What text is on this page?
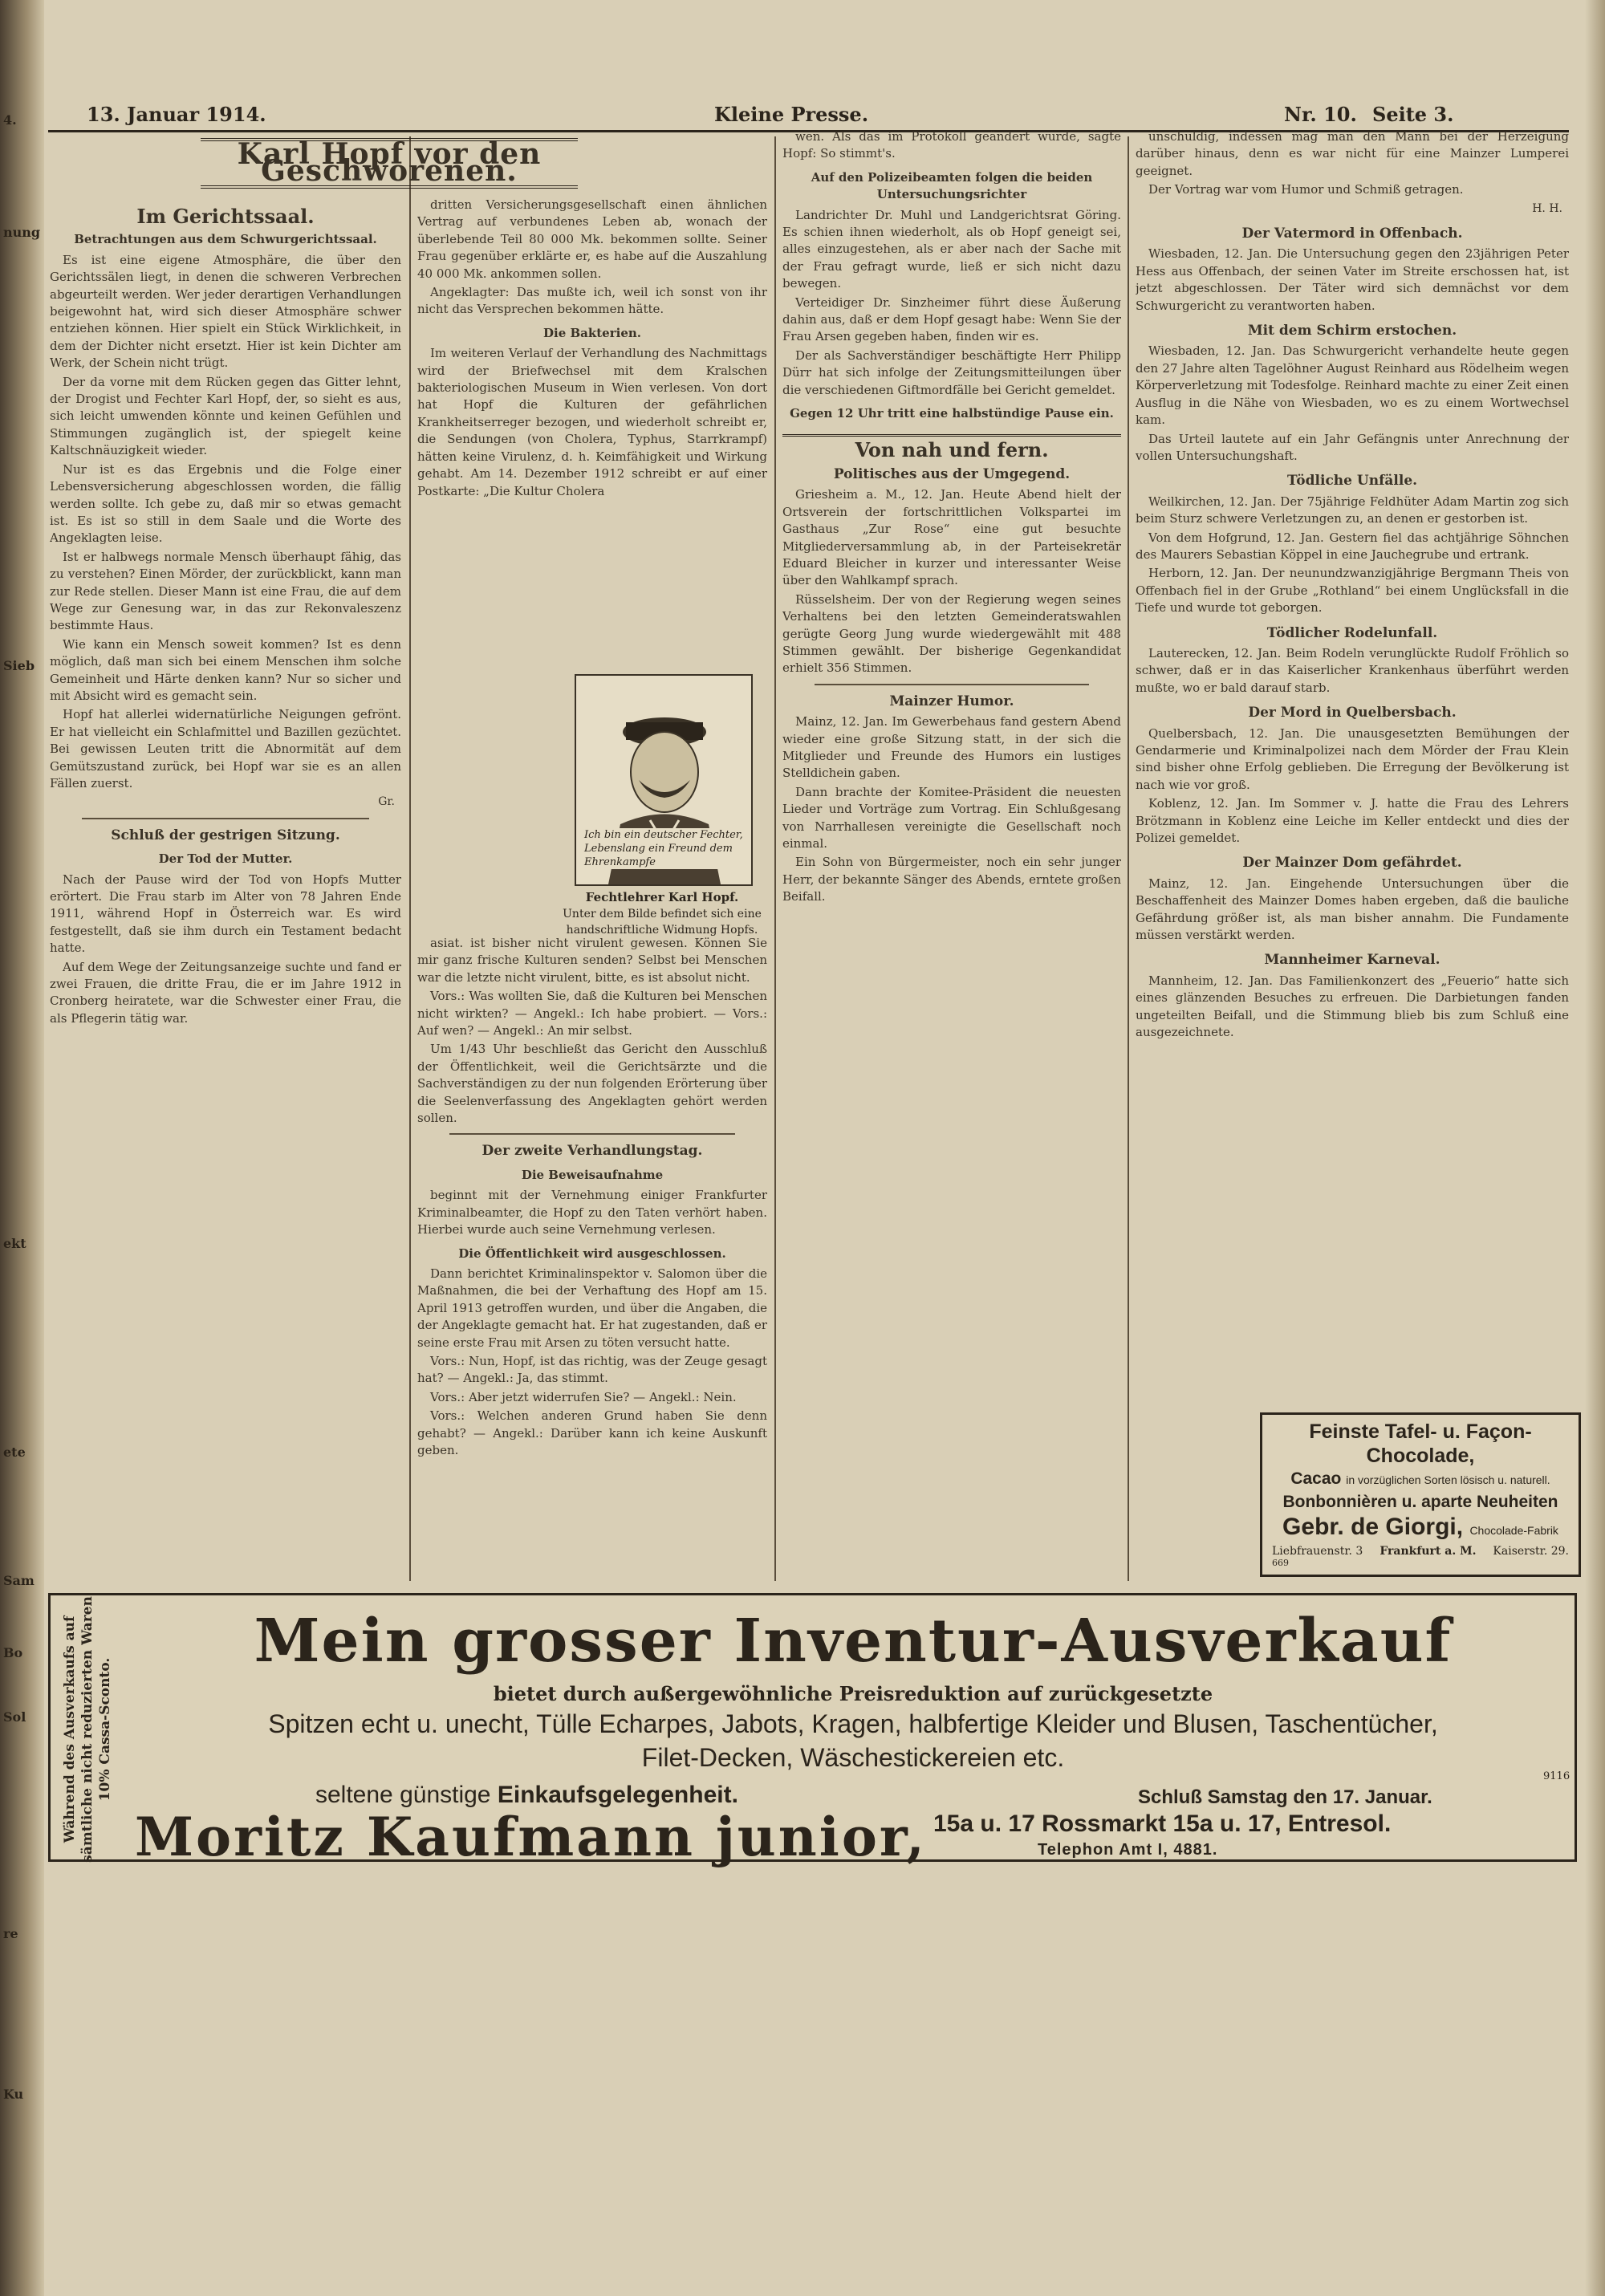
4.
nung
Sieb
ekt
ete
Sam
Bo
Sol
re
Ku
13. Januar 1914.	Kleine Presse.	Nr. 10. Seite 3.
Karl Hopf vor den Geschworenen.
Im Gerichtssaal.
Betrachtungen aus dem Schwurgerichtssaal.

Es ist eine eigene Atmosphäre, die über den Gerichtssälen liegt, in denen die schweren Verbrechen abgeurteilt werden. Wer jeder derartigen Verhandlungen beigewohnt hat, wird sich dieser Atmosphäre schwer entziehen können. Hier spielt ein Stück Wirklichkeit, in dem der Dichter nicht ersetzt. Hier ist kein Dichter am Werk, der Schein nicht trügt.

Der da vorne mit dem Rücken gegen das Gitter lehnt, der Drogist und Fechter Karl Hopf, der, so sieht es aus, sich leicht umwenden könnte und keinen Gefühlen und Stimmungen zugänglich ist, der spiegelt keine Kaltschnäuzigkeit wieder.

Nur ist es das Ergebnis und die Folge einer Lebensversicherung abgeschlossen worden, die fällig werden sollte. Ich gebe zu, daß mir so etwas gemacht ist. Es ist so still in dem Saale und die Worte des Angeklagten leise.

Ist er halbwegs normale Mensch überhaupt fähig, das zu verstehen? Einen Mörder, der zurückblickt, kann man zur Rede stellen. Dieser Mann ist eine Frau, die auf dem Wege zur Genesung war, in das zur Rekonvaleszenz bestimmte Haus.

Wie kann ein Mensch soweit kommen? Ist es denn möglich, daß man sich bei einem Menschen ihm solche Gemeinheit und Härte denken kann? Nur so sicher und mit Absicht wird es gemacht sein.

Hopf hat allerlei widernatürliche Neigungen gefrönt. Er hat vielleicht ein Schlafmittel und Bazillen gezüchtet. Bei gewissen Leuten tritt die Abnormität auf dem Gemütszustand zurück, bei Hopf war sie es an allen Fällen zuerst.

Gr.
Schluß der gestrigen Sitzung.
Der Tod der Mutter.

Nach der Pause wird der Tod von Hopfs Mutter erörtert. Die Frau starb im Alter von 78 Jahren Ende 1911, während Hopf in Österreich war. Es wird festgestellt, daß sie ihm durch ein Testament bedacht hatte.

Auf dem Wege der Zeitungsanzeige suchte und fand er zwei Frauen, die dritte Frau, die er im Jahre 1912 in Cronberg heiratete, war die Schwester einer Frau, die als Pflegerin tätig war.

dritten Versicherungsgesellschaft einen ähnlichen Vertrag auf verbundenes Leben ab, wonach der überlebende Teil 80 000 Mk. bekommen sollte. Seiner Frau gegenüber erklärte er, es habe auf die Auszahlung 40 000 Mk. ankommen sollen.

Angeklagter: Das mußte ich, weil ich sonst von ihr nicht das Versprechen bekommen hätte.

Die Bakterien.

Im weiteren Verlauf der Verhandlung des Nachmittags wird der Briefwechsel mit dem Kralschen bakteriologischen Museum in Wien verlesen. Von dort hat Hopf die Kulturen der gefährlichen Krankheitserreger bezogen, und wiederholt schreibt er, die Sendungen (von Cholera, Typhus, Starrkrampf) hätten keine Virulenz, d. h. Keimfähigkeit und Wirkung gehabt. Am 14. Dezember 1912 schreibt er auf einer Postkarte: „Die Kultur Cholera

Ich bin ein deutscher Fechter, Lebenslang ein Freund dem Ehrenkampfe
Fechtlehrer Karl Hopf.
Unter dem Bilde befindet sich eine handschriftliche Widmung Hopfs.

asiat. ist bisher nicht virulent gewesen. Können Sie mir ganz frische Kulturen senden? Selbst bei Menschen war die letzte nicht virulent, bitte, es ist absolut nicht.

Vors.: Was wollten Sie, daß die Kulturen bei Menschen nicht wirkten? — Angekl.: Ich habe probiert. — Vors.: Auf wen? — Angekl.: An mir selbst.

Um 1/43 Uhr beschließt das Gericht den Ausschluß der Öffentlichkeit, weil die Gerichtsärzte und die Sachverständigen zu der nun folgenden Erörterung über die Seelenverfassung des Angeklagten gehört werden sollen.

Der zweite Verhandlungstag.
Die Beweisaufnahme

beginnt mit der Vernehmung einiger Frankfurter Kriminalbeamter, die Hopf zu den Taten verhört haben. Hierbei wurde auch seine Vernehmung verlesen.

Die Öffentlichkeit wird ausgeschlossen.

Dann berichtet Kriminalinspektor v. Salomon über die Maßnahmen, die bei der Verhaftung des Hopf am 15. April 1913 getroffen wurden, und über die Angaben, die der Angeklagte gemacht hat. Er hat zugestanden, daß er seine erste Frau mit Arsen zu töten versucht hatte.

Vors.: Nun, Hopf, ist das richtig, was der Zeuge gesagt hat? — Angekl.: Ja, das stimmt.

Vors.: Aber jetzt widerrufen Sie? — Angekl.: Nein.

Vors.: Welchen anderen Grund haben Sie denn gehabt? — Angekl.: Darüber kann ich keine Auskunft geben.

wen. Als das im Protokoll geändert wurde, sagte Hopf: So stimmt's.

Auf den Polizeibeamten folgen die beiden Untersuchungsrichter

Landrichter Dr. Muhl und Landgerichtsrat Göring. Es schien ihnen wiederholt, als ob Hopf geneigt sei, alles einzugestehen, als er aber nach der Sache mit der Frau gefragt wurde, ließ er sich nicht dazu bewegen.

Verteidiger Dr. Sinzheimer führt diese Äußerung dahin aus, daß er dem Hopf gesagt habe: Wenn Sie der Frau Arsen gegeben haben, finden wir es.

Der als Sachverständiger beschäftigte Herr Philipp Dürr hat sich infolge der Zeitungsmitteilungen über die verschiedenen Giftmordfälle bei Gericht gemeldet.

Gegen 12 Uhr tritt eine halbstündige Pause ein.
Von nah und fern.
Politisches aus der Umgegend.

Griesheim a. M., 12. Jan. Heute Abend hielt der Ortsverein der fortschrittlichen Volkspartei im Gasthaus „Zur Rose“ eine gut besuchte Mitgliederversammlung ab, in der Parteisekretär Eduard Bleicher in kurzer und interessanter Weise über den Wahlkampf sprach.

Rüsselsheim. Der von der Regierung wegen seines Verhaltens bei den letzten Gemeinderatswahlen gerügte Georg Jung wurde wiedergewählt mit 488 Stimmen gewählt. Der bisherige Gegenkandidat erhielt 356 Stimmen.

Mainzer Humor.

Mainz, 12. Jan. Im Gewerbehaus fand gestern Abend wieder eine große Sitzung statt, in der sich die Mitglieder und Freunde des Humors ein lustiges Stelldichein gaben.

Dann brachte der Komitee-Präsident die neuesten Lieder und Vorträge zum Vortrag. Ein Schlußgesang von Narrhallesen vereinigte die Gesellschaft noch einmal.

Ein Sohn von Bürgermeister, noch ein sehr junger Herr, der bekannte Sänger des Abends, erntete großen Beifall.

unschuldig, indessen mag man den Mann bei der Herzeigung darüber hinaus, denn es war nicht für eine Mainzer Lumperei geeignet.

Der Vortrag war vom Humor und Schmiß getragen.

H. H.
Der Vatermord in Offenbach.

Wiesbaden, 12. Jan. Die Untersuchung gegen den 23jährigen Peter Hess aus Offenbach, der seinen Vater im Streite erschossen hat, ist jetzt abgeschlossen. Der Täter wird sich demnächst vor dem Schwurgericht zu verantworten haben.

Mit dem Schirm erstochen.

Wiesbaden, 12. Jan. Das Schwurgericht verhandelte heute gegen den 27 Jahre alten Tagelöhner August Reinhard aus Rödelheim wegen Körperverletzung mit Todesfolge. Reinhard machte zu einer Zeit einen Ausflug in die Nähe von Wiesbaden, wo es zu einem Wortwechsel kam.

Das Urteil lautete auf ein Jahr Gefängnis unter Anrechnung der vollen Untersuchungshaft.

Tödliche Unfälle.

Weilkirchen, 12. Jan. Der 75jährige Feldhüter Adam Martin zog sich beim Sturz schwere Verletzungen zu, an denen er gestorben ist.

Von dem Hofgrund, 12. Jan. Gestern fiel das achtjährige Söhnchen des Maurers Sebastian Köppel in eine Jauchegrube und ertrank.

Herborn, 12. Jan. Der neunundzwanzigjährige Bergmann Theis von Offenbach fiel in der Grube „Rothland“ bei einem Unglücksfall in die Tiefe und wurde tot geborgen.

Tödlicher Rodelunfall.

Lauterecken, 12. Jan. Beim Rodeln verunglückte Rudolf Fröhlich so schwer, daß er in das Kaiserlicher Krankenhaus überführt werden mußte, wo er bald darauf starb.

Der Mord in Quelbersbach.

Quelbersbach, 12. Jan. Die unausgesetzten Bemühungen der Gendarmerie und Kriminalpolizei nach dem Mörder der Frau Klein sind bisher ohne Erfolg geblieben. Die Erregung der Bevölkerung ist nach wie vor groß.

Koblenz, 12. Jan. Im Sommer v. J. hatte die Frau des Lehrers Brötzmann in Koblenz eine Leiche im Keller entdeckt und dies der Polizei gemeldet.

Der Mainzer Dom gefährdet.

Mainz, 12. Jan. Eingehende Untersuchungen über die Beschaffenheit des Mainzer Domes haben ergeben, daß die bauliche Gefährdung größer ist, als man bisher annahm. Die Fundamente müssen verstärkt werden.

Mannheimer Karneval.

Mannheim, 12. Jan. Das Familienkonzert des „Feuerio“ hatte sich eines glänzenden Besuches zu erfreuen. Die Darbietungen fanden ungeteilten Beifall, und die Stimmung blieb bis zum Schluß eine ausgezeichnete.

Feinste Tafel- u. Façon-Chocolade,
Cacao in vorzüglichen Sorten lösisch u. naturell.
Bonbonnièren u. aparte Neuheiten
Gebr. de Giorgi, Chocolade-Fabrik
Liebfrauenstr. 3 Frankfurt a. M. Kaiserstr. 29.
669
Während des Ausverkaufs auf sämtliche nicht reduzierten Waren 10% Cassa-Sconto.
Mein grosser Inventur-Ausverkauf
bietet durch außergewöhnliche Preisreduktion auf zurückgesetzte
Spitzen echt u. unecht, Tülle Echarpes, Jabots, Kragen, halbfertige Kleider und Blusen, Taschentücher,
Filet-Decken, Wäschestickereien etc.
seltene günstige Einkaufsgelegenheit.
9116
Schluß Samstag den 17. Januar.
Moritz Kaufmann junior, 15a u. 17 Rossmarkt 15a u. 17, Entresol.
Telephon Amt I, 4881.
